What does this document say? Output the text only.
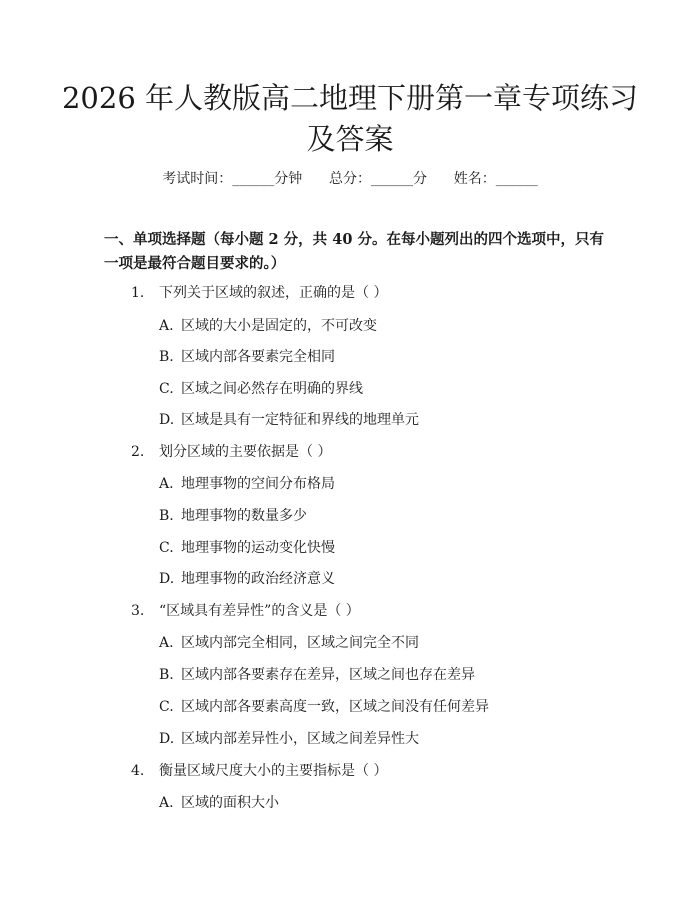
2026 年人教版高二地理下册第一章专项练习
及答案
考试时间：______分钟 总分：______分 姓名：______
一、单项选择题（每小题 2 分，共 40 分。在每小题列出的四个选项中，只有一项是最符合题目要求的。）
1. 下列关于区域的叙述，正确的是（ ）
A. 区域的大小是固定的，不可改变
B. 区域内部各要素完全相同
C. 区域之间必然存在明确的界线
D. 区域是具有一定特征和界线的地理单元
2. 划分区域的主要依据是（ ）
A. 地理事物的空间分布格局
B. 地理事物的数量多少
C. 地理事物的运动变化快慢
D. 地理事物的政治经济意义
3. “区域具有差异性”的含义是（ ）
A. 区域内部完全相同，区域之间完全不同
B. 区域内部各要素存在差异，区域之间也存在差异
C. 区域内部各要素高度一致，区域之间没有任何差异
D. 区域内部差异性小，区域之间差异性大
4. 衡量区域尺度大小的主要指标是（ ）
A. 区域的面积大小
